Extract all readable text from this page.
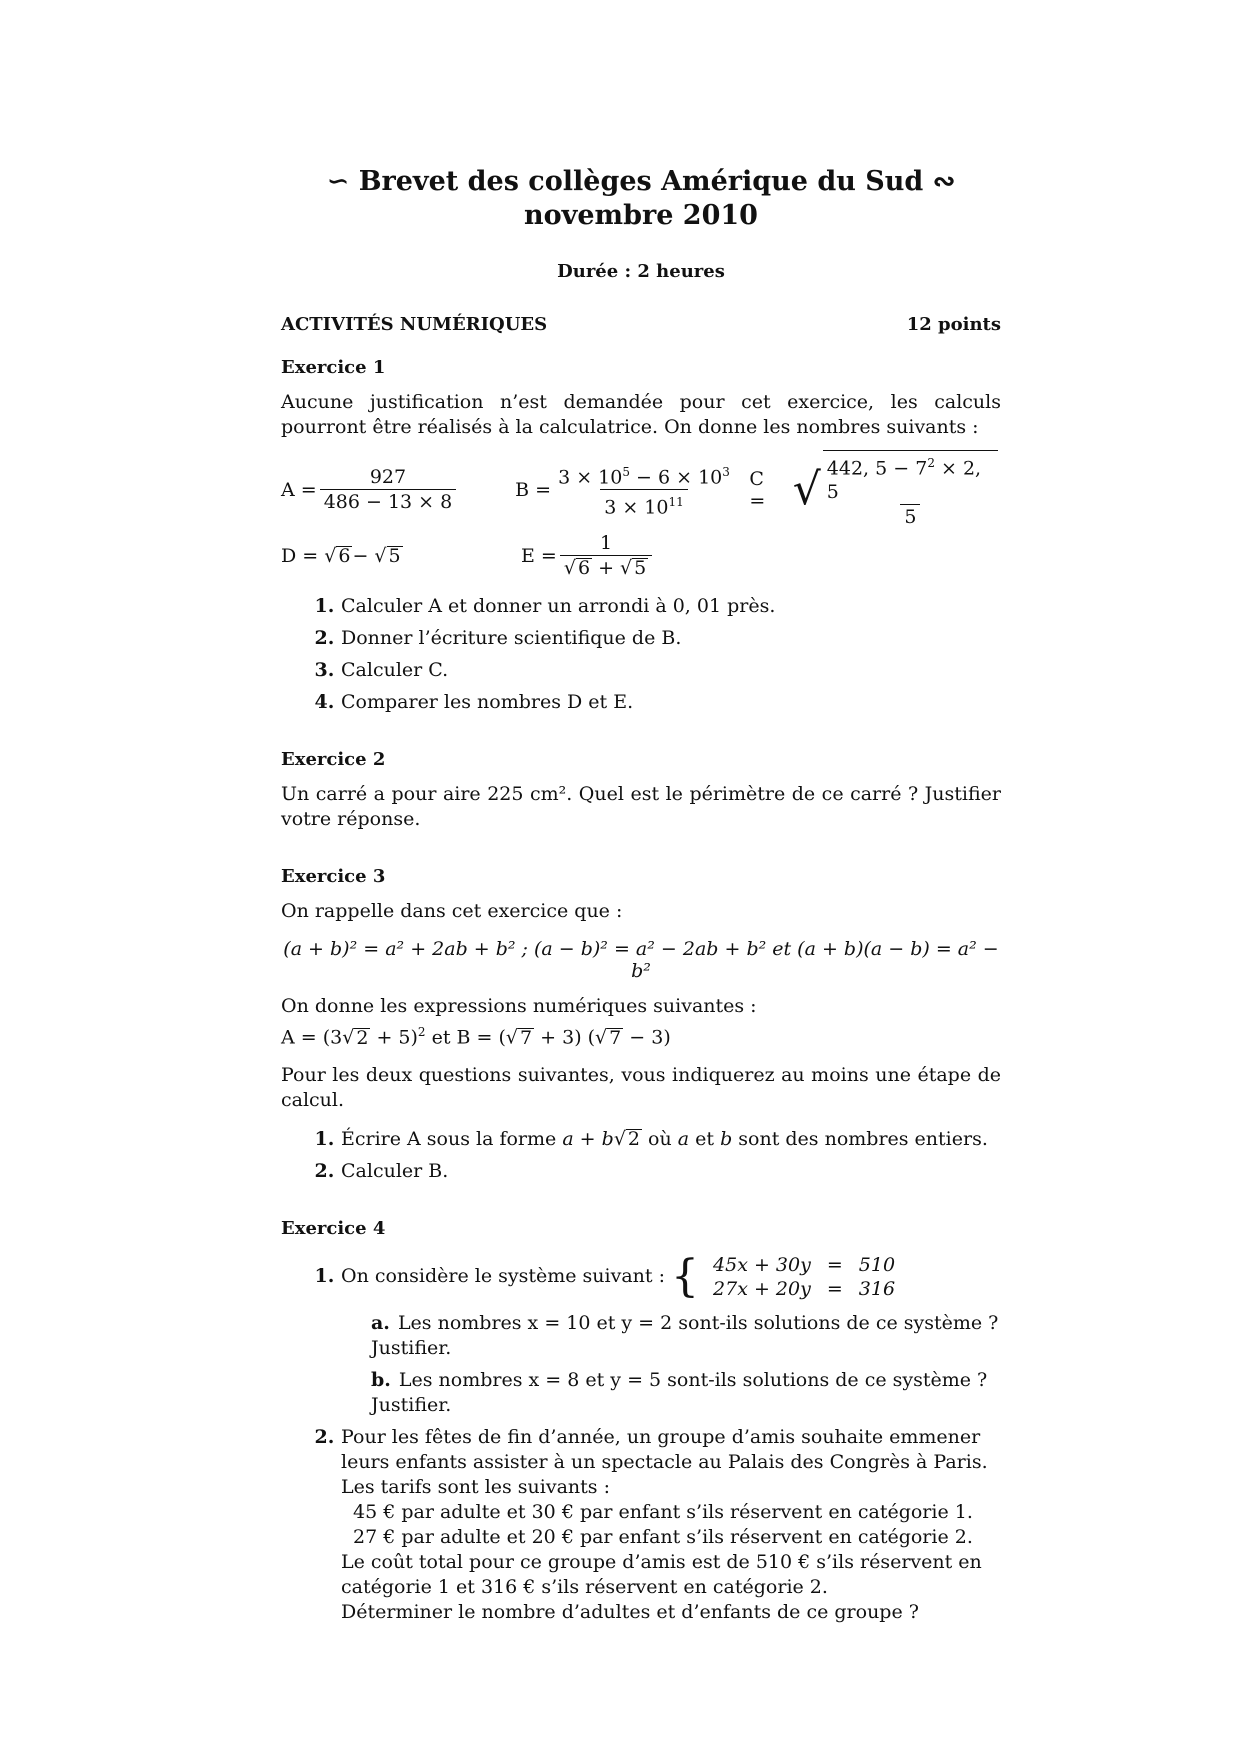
∽ Brevet des collèges Amérique du Sud ∾
novembre 2010
Durée : 2 heures
ACTIVITÉS NUMÉRIQUES	12 points
Exercice 1

Aucune justification n’est demandée pour cet exercice, les calculs pourront être réalisés à la calculatrice. On donne les nombres suivants :

$A = \frac{927}{486 - 13 \times 8}$	$B = \frac{3 \times 10^5 - 6 \times 10^3}{3 \times 10^{11}}$ C = √ $\frac{442, 5 - 7^2 \times 2, 5}{5}$
D = √ 6 − √ 5	$E = \frac{1}{√ 6 + √ 5}$
1. Calculer A et donner un arrondi à 0, 01 près.
2. Donner l’écriture scientifique de B.
3. Calculer C.
4. Comparer les nombres D et E.
Exercice 2

Un carré a pour aire 225 cm². Quel est le périmètre de ce carré ? Justifier votre réponse.

Exercice 3

On rappelle dans cet exercice que :

(a + b)² = a² + 2ab + b² ; (a − b)² = a² − 2ab + b² et (a + b)(a − b) = a² − b²

On donne les expressions numériques suivantes :

A = (3√ 2 + 5)$^2$ et B = (√ 7 + 3) (√ 7 − 3)

Pour les deux questions suivantes, vous indiquerez au moins une étape de calcul.

1. Écrire A sous la forme a + b√ 2 où a et b sont des nombres entiers.
2. Calculer B.
Exercice 4
1. On considère le système suivant : { 45x + 30y	=	510
27x + 20y	=	316
a. Les nombres x = 10 et y = 2 sont-ils solutions de ce système ? Justifier.
b. Les nombres x = 8 et y = 5 sont-ils solutions de ce système ? Justifier.
2. Pour les fêtes de fin d’année, un groupe d’amis souhaite emmener leurs enfants assister à un spectacle au Palais des Congrès à Paris.
Les tarifs sont les suivants :
45 € par adulte et 30 € par enfant s’ils réservent en catégorie 1.
27 € par adulte et 20 € par enfant s’ils réservent en catégorie 2.
Le coût total pour ce groupe d’amis est de 510 € s’ils réservent en catégorie 1 et 316 € s’ils réservent en catégorie 2.
Déterminer le nombre d’adultes et d’enfants de ce groupe ?
